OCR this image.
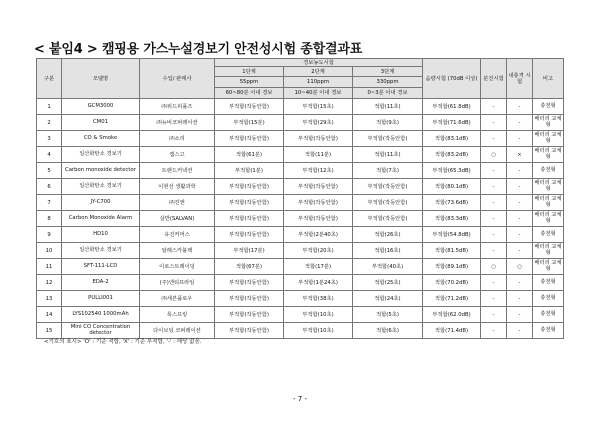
< 붙임4 > 캠핑용 가스누설경보기 안전성시험 종합결과표
구분	모델명	수입/ 판매사	경보농도시험			음량시험 (70dB 이상)	분진시험	내충격 시험	비고
			1단계	2단계	3단계				
			55ppm	110ppm	330ppm				
			60~80분 이내 경보	10~40분 이내 경보	0~3분 이내 경보				
1	GCM3000	㈜위드피플즈	부적합(작동안함)	부적합(15초)	적합(11초)	부적합(61.8dB)	-	-	충전형
2	CM01	㈜뉴비코퍼레이션	부적합(15분)	부적합(29초)	적합(9초)	부적합(71.6dB)	-	-	배터리 교체형
3	CO & Smoke	㈜소리	부적합(작동안함)	부적합(작동안함)	부적합(작동안함)	적합(83.1dB)	-	-	배터리 교체형
4	일산화탄소 경보기	캠스고	적합(61분)	적합(11분)	적합(11초)	적합(83.2dB)	○	×	배터리 교체형
5	Carbon monoxide detector	트랜드커넥션	부적합(1분)	부적합(12초)	적합(7초)	부적합(65.3dB)	-	-	충전형
6	일산화탄소 경보기	이현선 생활과학	부적합(작동안함)	부적합(작동안함)	부적합(작동안함)	적합(80.1dB)	-	-	배터리 교체형
7	JY-C700	㈜진앤	부적합(작동안함)	부적합(작동안함)	부적합(작동안함)	적합(73.6dB)	-	-	배터리 교체형
8	Carbon Monoxide Alarm	살반(SALVAN)	부적합(작동안함)	부적합(작동안함)	부적합(작동안함)	적합(83.3dB)	-	-	배터리 교체형
9	HD10	유진커머스	부적합(작동안함)	부적합(2분40초)	적합(26초)	부적합(54.8dB)	-	-	충전형
10	일산화탄소 경보기	알래스카블랙	부적합(17분)	부적합(20초)	적합(16초)	적합(81.5dB)	-	-	배터리 교체형
11	SFT-111-LCD	이로스트레이딩	적합(67분)	적합(17분)	부적합(40초)	적합(89.1dB)	○	○	배터리 교체형
12	EDA-2	(주)엔티프라임	부적합(작동안함)	부적합(1분24초)	적합(25초)	적합(70.2dB)	-	-	충전형
13	PULLI001	㈜세븐플로우	부적합(작동안함)	부적합(38초)	적합(24초)	적합(71.2dB)	-	-	충전형
14	LYS102540 1000mAh	록스프링	부적합(작동안함)	부적합(10초)	적합(5초)	부적합(62.0dB)	-	-	충전형
15	Mini CO Concentration detector	다이브딩 코퍼레이션	부적합(작동안함)	부적합(10초)	적합(6초)	적합(71.4dB)	-	-	충전형
<기호의 표시> 'O' : 기준 적합, 'X' : 기준 부적합, '-' : 해당 없음.
- 7 -
